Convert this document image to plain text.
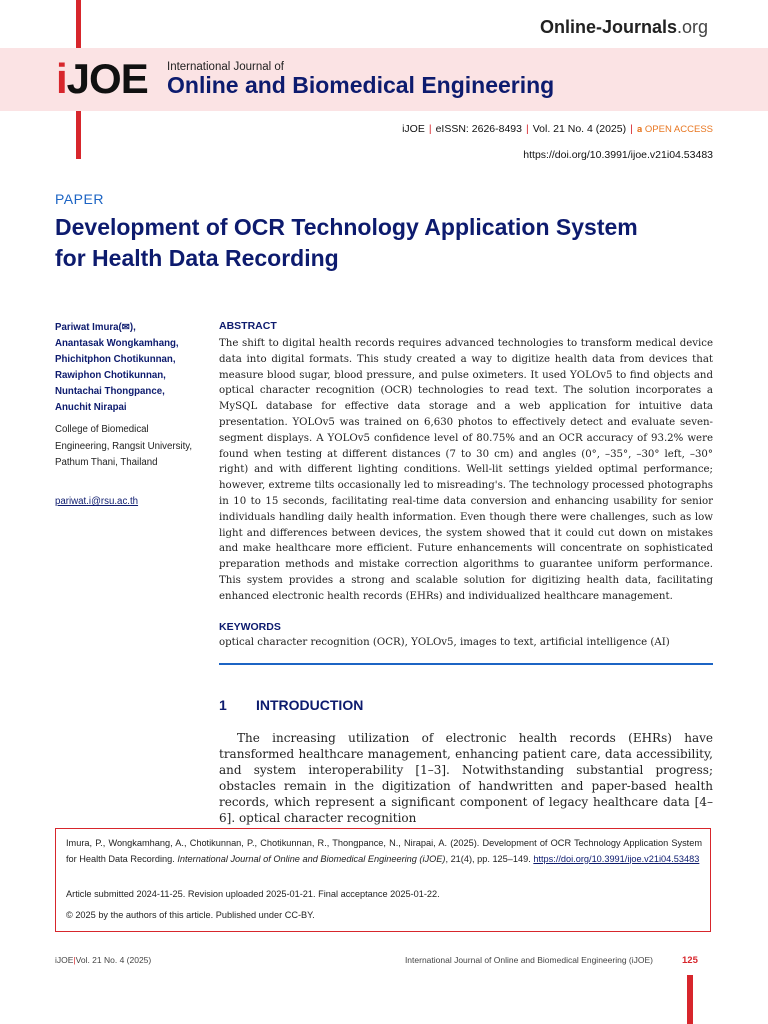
Online-Journals.org
iJOE International Journal of
Online and Biomedical Engineering
iJOE | eISSN: 2626-8493 | Vol. 21 No. 4 (2025) | 𝐚 OPEN ACCESS
https://doi.org/10.3991/ijoe.v21i04.53483
PAPER
Development of OCR Technology Application System
for Health Data Recording
Pariwat Imura(✉),
Anantasak Wongkamhang,
Phichitphon Chotikunnan,
Rawiphon Chotikunnan,
Nuntachai Thongpance,
Anuchit Nirapai
College of Biomedical Engineering, Rangsit University, Pathum Thani, Thailand
pariwat.i@rsu.ac.th
ABSTRACT
The shift to digital health records requires advanced technologies to transform medical device data into digital formats. This study created a way to digitize health data from devices that measure blood sugar, blood pressure, and pulse oximeters. It used YOLOv5 to find objects and optical character recognition (OCR) technologies to read text. The solution incorporates a MySQL database for effective data storage and a web application for intuitive data presentation. YOLOv5 was trained on 6,630 photos to effectively detect and evaluate seven-segment displays. A YOLOv5 confidence level of 80.75% and an OCR accuracy of 93.2% were found when testing at different distances (7 to 30 cm) and angles (0°, –35°, –30° left, –30° right) and with different lighting conditions. Well-lit settings yielded optimal performance; however, extreme tilts occasionally led to misreading's. The technology processed photographs in 10 to 15 seconds, facilitating real-time data conversion and enhancing usability for senior individuals handling daily health information. Even though there were challenges, such as low light and differences between devices, the system showed that it could cut down on mistakes and make healthcare more efficient. Future enhancements will concentrate on sophisticated preparation methods and mistake correction algorithms to guarantee uniform performance. This system provides a strong and scalable solution for digitizing health data, facilitating enhanced electronic health records (EHRs) and individualized healthcare management.
KEYWORDS
optical character recognition (OCR), YOLOv5, images to text, artificial intelligence (AI)
1 INTRODUCTION
The increasing utilization of electronic health records (EHRs) have transformed healthcare management, enhancing patient care, data accessibility, and system interoperability [1–3]. Notwithstanding substantial progress; obstacles remain in the digitization of handwritten and paper-based health records, which represent a significant component of legacy healthcare data [4–6]. optical character recognition
Imura, P., Wongkamhang, A., Chotikunnan, P., Chotikunnan, R., Thongpance, N., Nirapai, A. (2025). Development of OCR Technology Application System for Health Data Recording. International Journal of Online and Biomedical Engineering (iJOE), 21(4), pp. 125–149. https://doi.org/10.3991/ijoe.v21i04.53483
Article submitted 2024-11-25. Revision uploaded 2025-01-21. Final acceptance 2025-01-22.
© 2025 by the authors of this article. Published under CC-BY.
iJOE|Vol. 21 No. 4 (2025)	International Journal of Online and Biomedical Engineering (iJOE)	125
